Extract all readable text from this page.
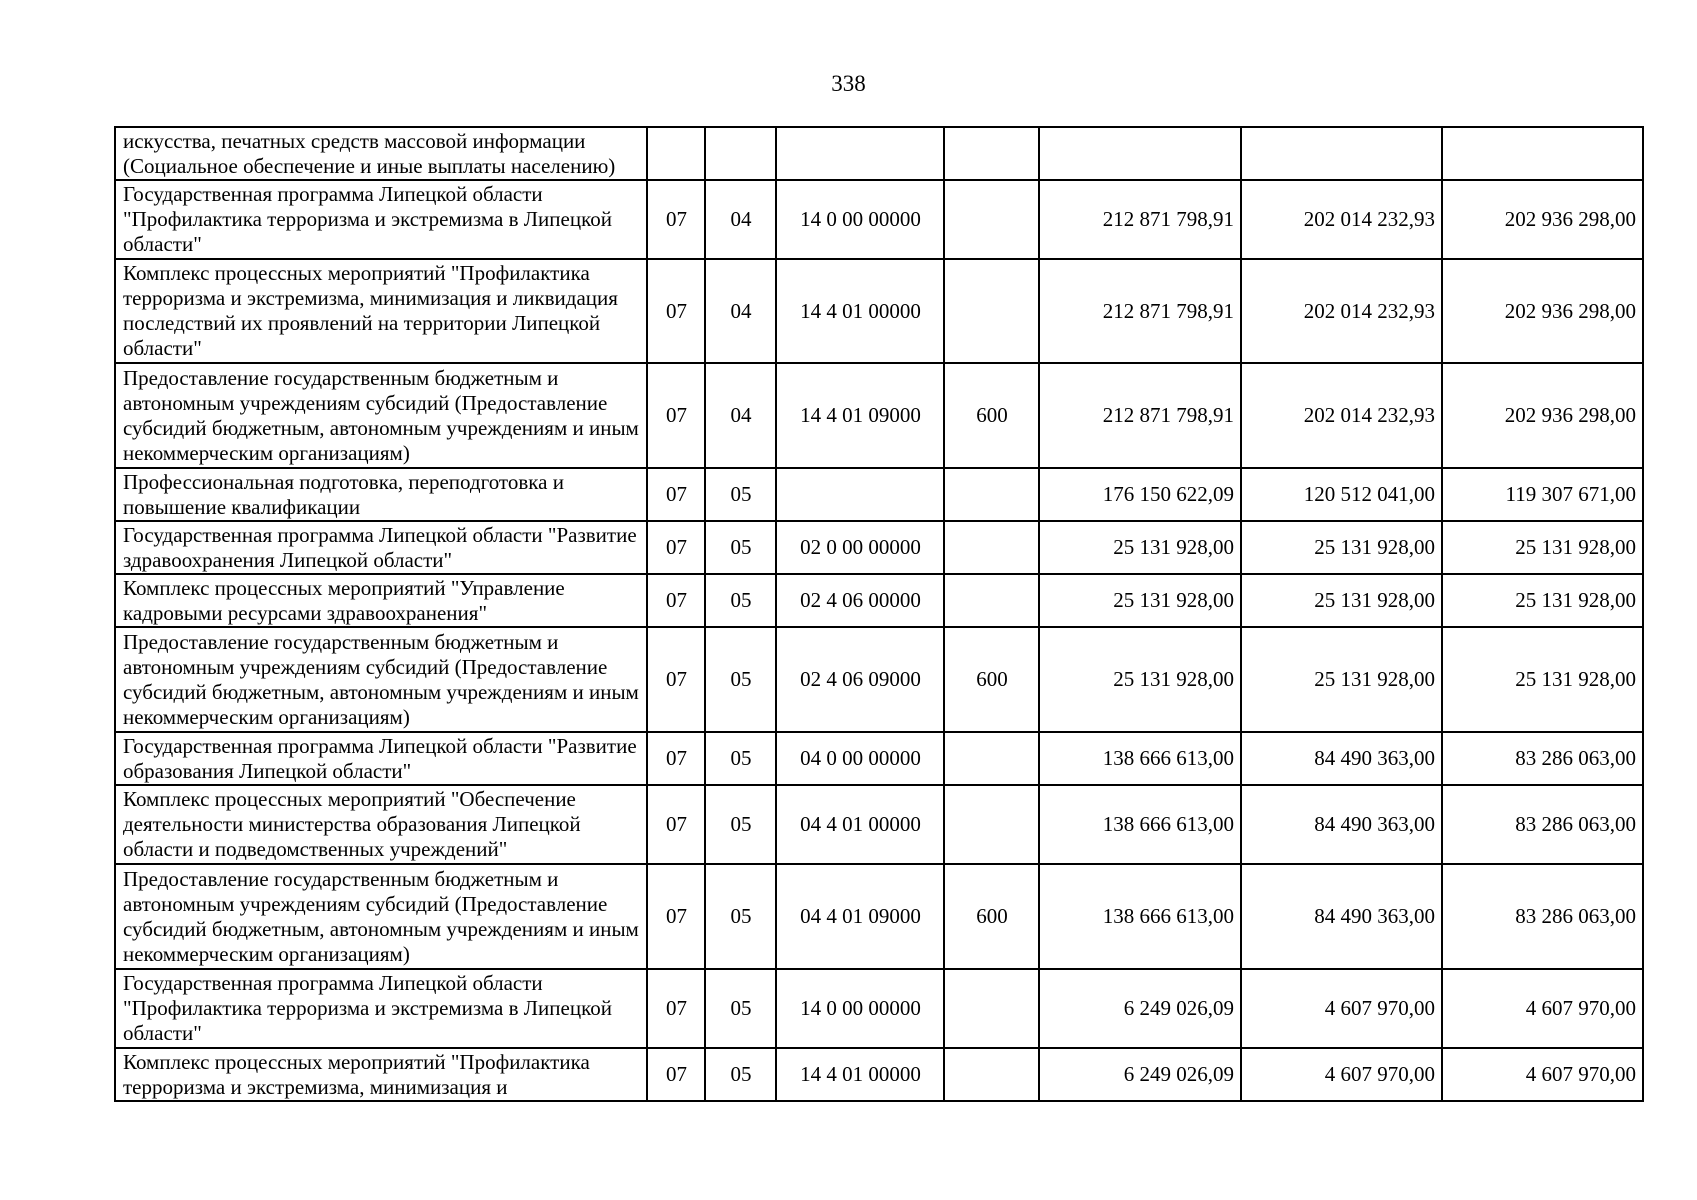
338
искусства, печатных средств массовой информации (Социальное обеспечение и иные выплаты населению)							
Государственная программа Липецкой области "Профилактика терроризма и экстремизма в Липецкой области"	07	04	14 0 00 00000		212 871 798,91	202 014 232,93	202 936 298,00
Комплекс процессных мероприятий "Профилактика терроризма и экстремизма, минимизация и ликвидация последствий их проявлений на территории Липецкой области"	07	04	14 4 01 00000		212 871 798,91	202 014 232,93	202 936 298,00
Предоставление государственным бюджетным и автономным учреждениям субсидий (Предоставление субсидий бюджетным, автономным учреждениям и иным некоммерческим организациям)	07	04	14 4 01 09000	600	212 871 798,91	202 014 232,93	202 936 298,00
Профессиональная подготовка, переподготовка и повышение квалификации	07	05			176 150 622,09	120 512 041,00	119 307 671,00
Государственная программа Липецкой области "Развитие здравоохранения Липецкой области"	07	05	02 0 00 00000		25 131 928,00	25 131 928,00	25 131 928,00
Комплекс процессных мероприятий "Управление кадровыми ресурсами здравоохранения"	07	05	02 4 06 00000		25 131 928,00	25 131 928,00	25 131 928,00
Предоставление государственным бюджетным и автономным учреждениям субсидий (Предоставление субсидий бюджетным, автономным учреждениям и иным некоммерческим организациям)	07	05	02 4 06 09000	600	25 131 928,00	25 131 928,00	25 131 928,00
Государственная программа Липецкой области "Развитие образования Липецкой области"	07	05	04 0 00 00000		138 666 613,00	84 490 363,00	83 286 063,00
Комплекс процессных мероприятий "Обеспечение деятельности министерства образования Липецкой области и подведомственных учреждений"	07	05	04 4 01 00000		138 666 613,00	84 490 363,00	83 286 063,00
Предоставление государственным бюджетным и автономным учреждениям субсидий (Предоставление субсидий бюджетным, автономным учреждениям и иным некоммерческим организациям)	07	05	04 4 01 09000	600	138 666 613,00	84 490 363,00	83 286 063,00
Государственная программа Липецкой области "Профилактика терроризма и экстремизма в Липецкой области"	07	05	14 0 00 00000		6 249 026,09	4 607 970,00	4 607 970,00
Комплекс процессных мероприятий "Профилактика терроризма и экстремизма, минимизация и	07	05	14 4 01 00000		6 249 026,09	4 607 970,00	4 607 970,00
